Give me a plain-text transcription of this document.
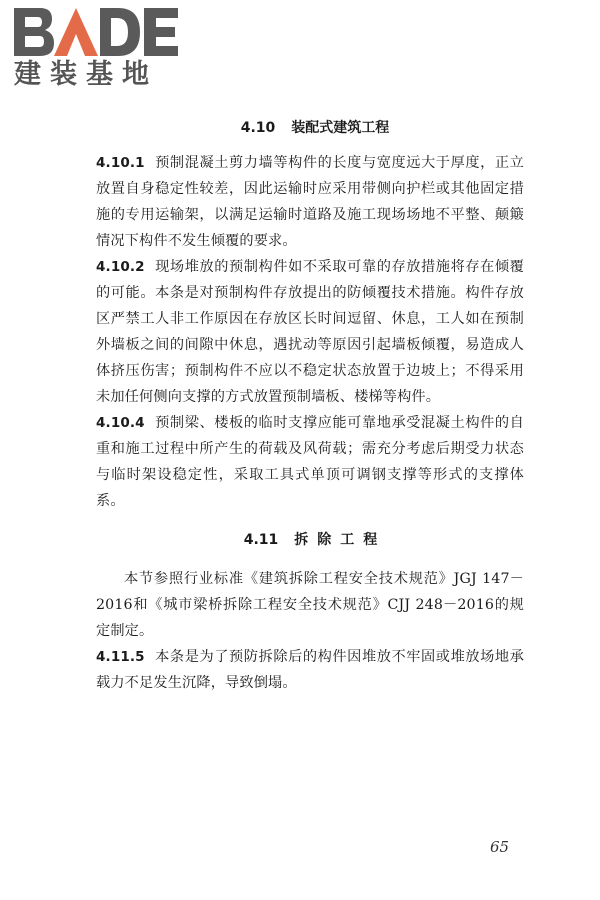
建装基地
4.10 装配式建筑工程

4.10.1 预制混凝土剪力墙等构件的长度与宽度远大于厚度，正立放置自身稳定性较差，因此运输时应采用带侧向护栏或其他固定措施的专用运输架，以满足运输时道路及施工现场场地不平整、颠簸情况下构件不发生倾覆的要求。

4.10.2 现场堆放的预制构件如不采取可靠的存放措施将存在倾覆的可能。本条是对预制构件存放提出的防倾覆技术措施。构件存放区严禁工人非工作原因在存放区长时间逗留、休息，工人如在预制外墙板之间的间隙中休息，遇扰动等原因引起墙板倾覆，易造成人体挤压伤害；预制构件不应以不稳定状态放置于边坡上；不得采用未加任何侧向支撑的方式放置预制墙板、楼梯等构件。

4.10.4 预制梁、楼板的临时支撑应能可靠地承受混凝土构件的自重和施工过程中所产生的荷载及风荷载；需充分考虑后期受力状态与临时架设稳定性，采取工具式单顶可调钢支撑等形式的支撑体系。

4.11 拆除工程

本节参照行业标准《建筑拆除工程安全技术规范》JGJ 147－2016和《城市梁桥拆除工程安全技术规范》CJJ 248－2016的规定制定。

4.11.5 本条是为了预防拆除后的构件因堆放不牢固或堆放场地承载力不足发生沉降，导致倒塌。

65
